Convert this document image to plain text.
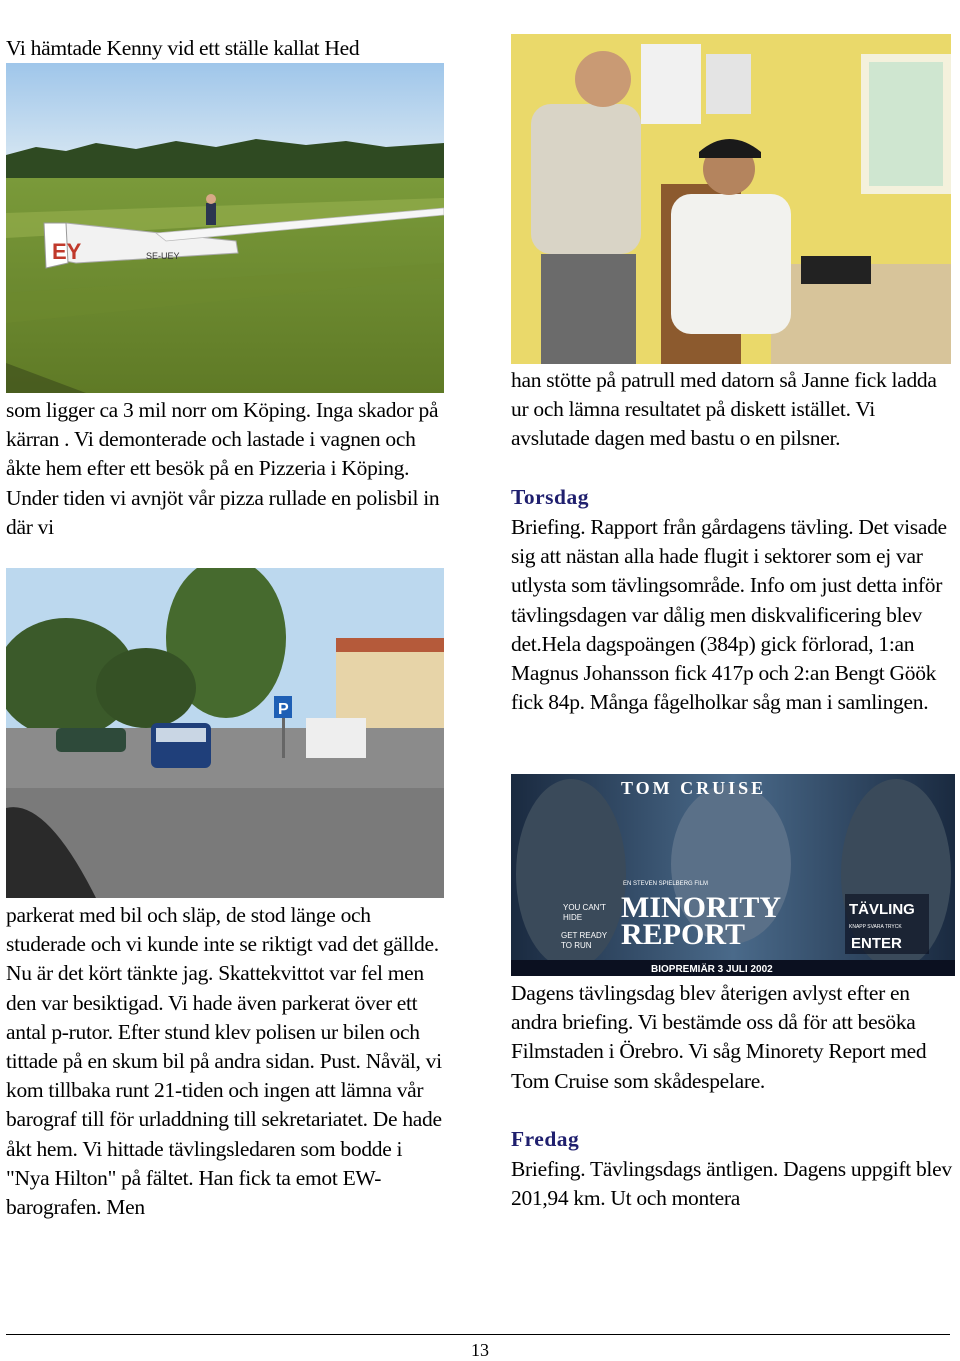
Vi hämtade Kenny vid ett ställe kallat Hed

EY	SE-UEY

som ligger ca 3 mil norr om Köping. Inga skador på kärran . Vi demonterade och lastade i vagnen och åkte hem efter ett besök på en Pizzeria i Köping. Under tiden vi avnjöt vår pizza rullade en polisbil in där vi

P

parkerat med bil och släp, de stod länge och studerade och vi kunde inte se riktigt vad det gällde. Nu är det kört tänkte jag. Skattekvittot var fel men den var besiktigad. Vi hade även parkerat över ett antal p-rutor. Efter stund klev polisen ur bilen och tittade på en skum bil på andra sidan. Pust. Nåväl, vi kom tillbaka runt 21-tiden och ingen att lämna vår barograf till för urladdning till sekretariatet. De hade åkt hem. Vi hittade tävlingsledaren som bodde i "Nya Hilton" på fältet. Han fick ta emot EW-barografen. Men

han stötte på patrull med datorn så Janne fick ladda ur och lämna resultatet på diskett istället. Vi avslutade dagen med bastu o en pilsner.

Torsdag

Briefing. Rapport från gårdagens tävling. Det visade sig att nästan alla hade flugit i sektorer som ej var utlysta som tävlingsområde. Info om just detta inför tävlingsdagen var dålig men diskvalificering blev det.Hela dagspoängen (384p) gick förlorad, 1:an Magnus Johansson fick 417p och 2:an Bengt Göök fick 84p. Många fågelholkar såg man i samlingen.

TOM CRUISE
EN STEVEN SPIELBERG FILM
MINORITY
REPORT
YOU CAN'T
HIDE
GET READY
TO RUN
TÄVLING
KNAPP SVARA TRYCK
ENTER
BIOPREMIÄR 3 JULI 2002

Dagens tävlingsdag blev återigen avlyst efter en andra briefing. Vi bestämde oss då för att besöka Filmstaden i Örebro. Vi såg Minorety Report med Tom Cruise som skådespelare.

Fredag

Briefing. Tävlingsdags äntligen. Dagens uppgift blev 201,94 km. Ut och montera

13
